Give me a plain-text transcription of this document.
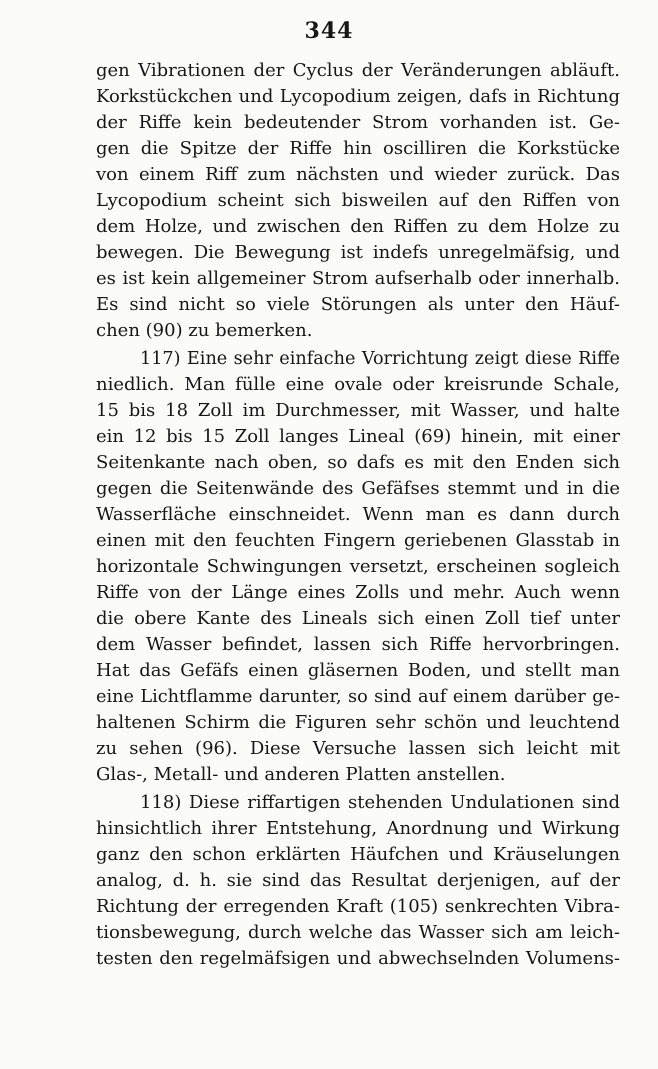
344
gen Vibrationen der Cyclus der Veränderungen abläuft.
Korkstückchen und Lycopodium zeigen, dafs in Richtung
der Riffe kein bedeutender Strom vorhanden ist. Ge-
gen die Spitze der Riffe hin oscilliren die Korkstücke
von einem Riff zum nächsten und wieder zurück. Das
Lycopodium scheint sich bisweilen auf den Riffen von
dem Holze, und zwischen den Riffen zu dem Holze zu
bewegen. Die Bewegung ist indefs unregelmäfsig, und
es ist kein allgemeiner Strom aufserhalb oder innerhalb.
Es sind nicht so viele Störungen als unter den Häuf-
chen (90) zu bemerken.
117) Eine sehr einfache Vorrichtung zeigt diese Riffe
niedlich. Man fülle eine ovale oder kreisrunde Schale,
15 bis 18 Zoll im Durchmesser, mit Wasser, und halte
ein 12 bis 15 Zoll langes Lineal (69) hinein, mit einer
Seitenkante nach oben, so dafs es mit den Enden sich
gegen die Seitenwände des Gefäfses stemmt und in die
Wasserfläche einschneidet. Wenn man es dann durch
einen mit den feuchten Fingern geriebenen Glasstab in
horizontale Schwingungen versetzt, erscheinen sogleich
Riffe von der Länge eines Zolls und mehr. Auch wenn
die obere Kante des Lineals sich einen Zoll tief unter
dem Wasser befindet, lassen sich Riffe hervorbringen.
Hat das Gefäfs einen gläsernen Boden, und stellt man
eine Lichtflamme darunter, so sind auf einem darüber ge-
haltenen Schirm die Figuren sehr schön und leuchtend
zu sehen (96). Diese Versuche lassen sich leicht mit
Glas-, Metall- und anderen Platten anstellen.
118) Diese riffartigen stehenden Undulationen sind
hinsichtlich ihrer Entstehung, Anordnung und Wirkung
ganz den schon erklärten Häufchen und Kräuselungen
analog, d. h. sie sind das Resultat derjenigen, auf der
Richtung der erregenden Kraft (105) senkrechten Vibra-
tionsbewegung, durch welche das Wasser sich am leich-
testen den regelmäfsigen und abwechselnden Volumens-
